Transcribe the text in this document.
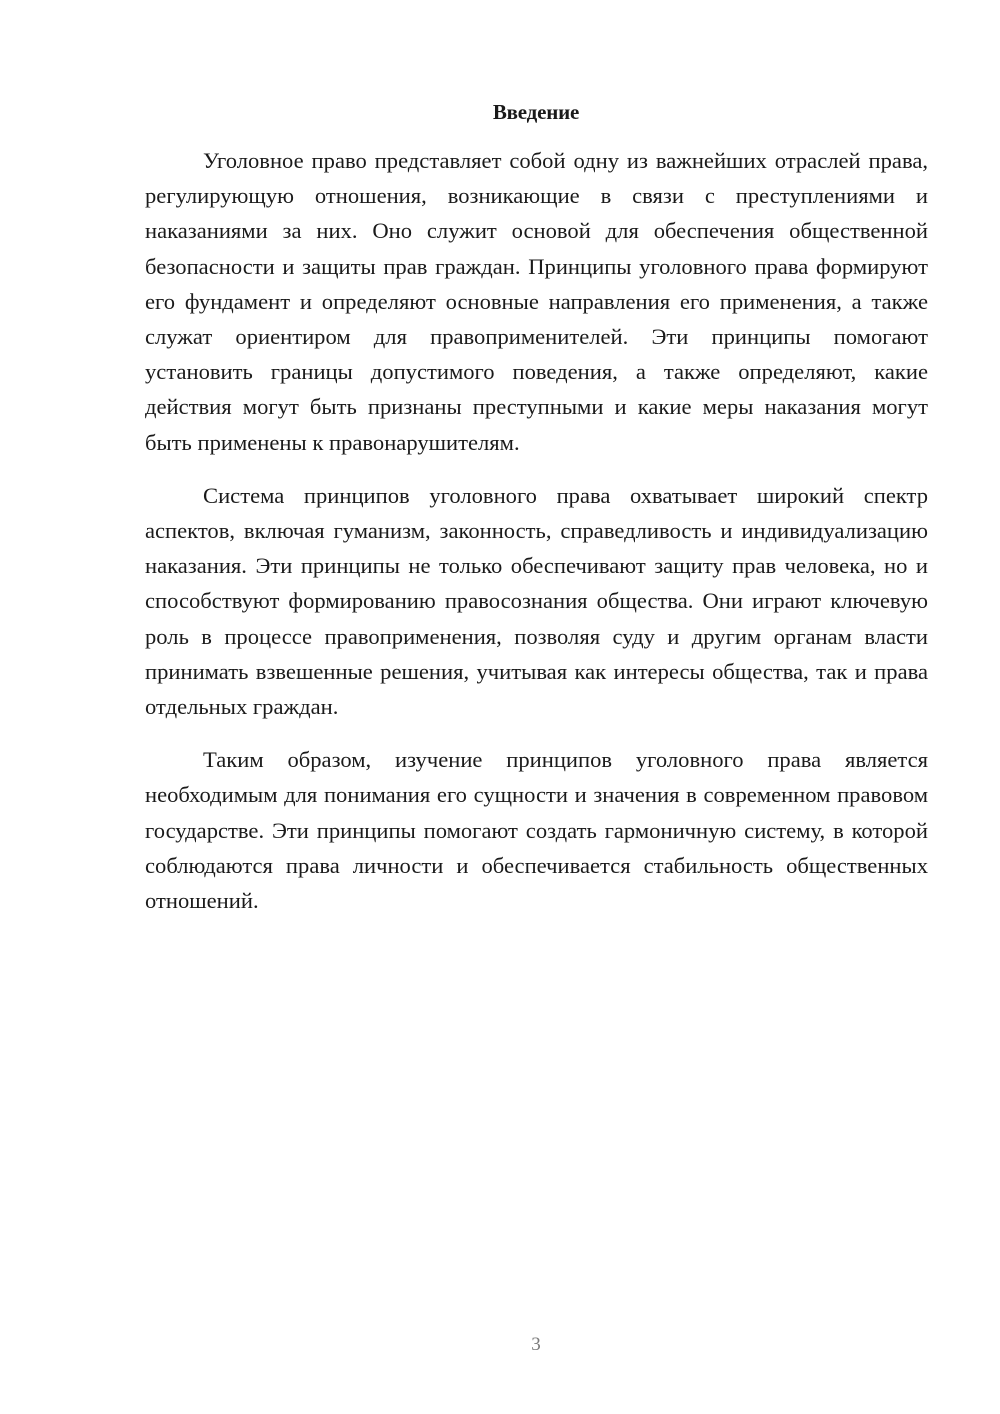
Введение

Уголовное право представляет собой одну из важнейших отраслей права, регулирующую отношения, возникающие в связи с преступлениями и наказаниями за них. Оно служит основой для обеспечения общественной безопасности и защиты прав граждан. Принципы уголовного права формируют его фундамент и определяют основные направления его применения, а также служат ориентиром для правоприменителей. Эти принципы помогают установить границы допустимого поведения, а также определяют, какие действия могут быть признаны преступными и какие меры наказания могут быть применены к правонарушителям.

Система принципов уголовного права охватывает широкий спектр аспектов, включая гуманизм, законность, справедливость и индивидуализацию наказания. Эти принципы не только обеспечивают защиту прав человека, но и способствуют формированию правосознания общества. Они играют ключевую роль в процессе правоприменения, позволяя суду и другим органам власти принимать взвешенные решения, учитывая как интересы общества, так и права отдельных граждан.

Таким образом, изучение принципов уголовного права является необходимым для понимания его сущности и значения в современном правовом государстве. Эти принципы помогают создать гармоничную систему, в которой соблюдаются права личности и обеспечивается стабильность общественных отношений.

3
